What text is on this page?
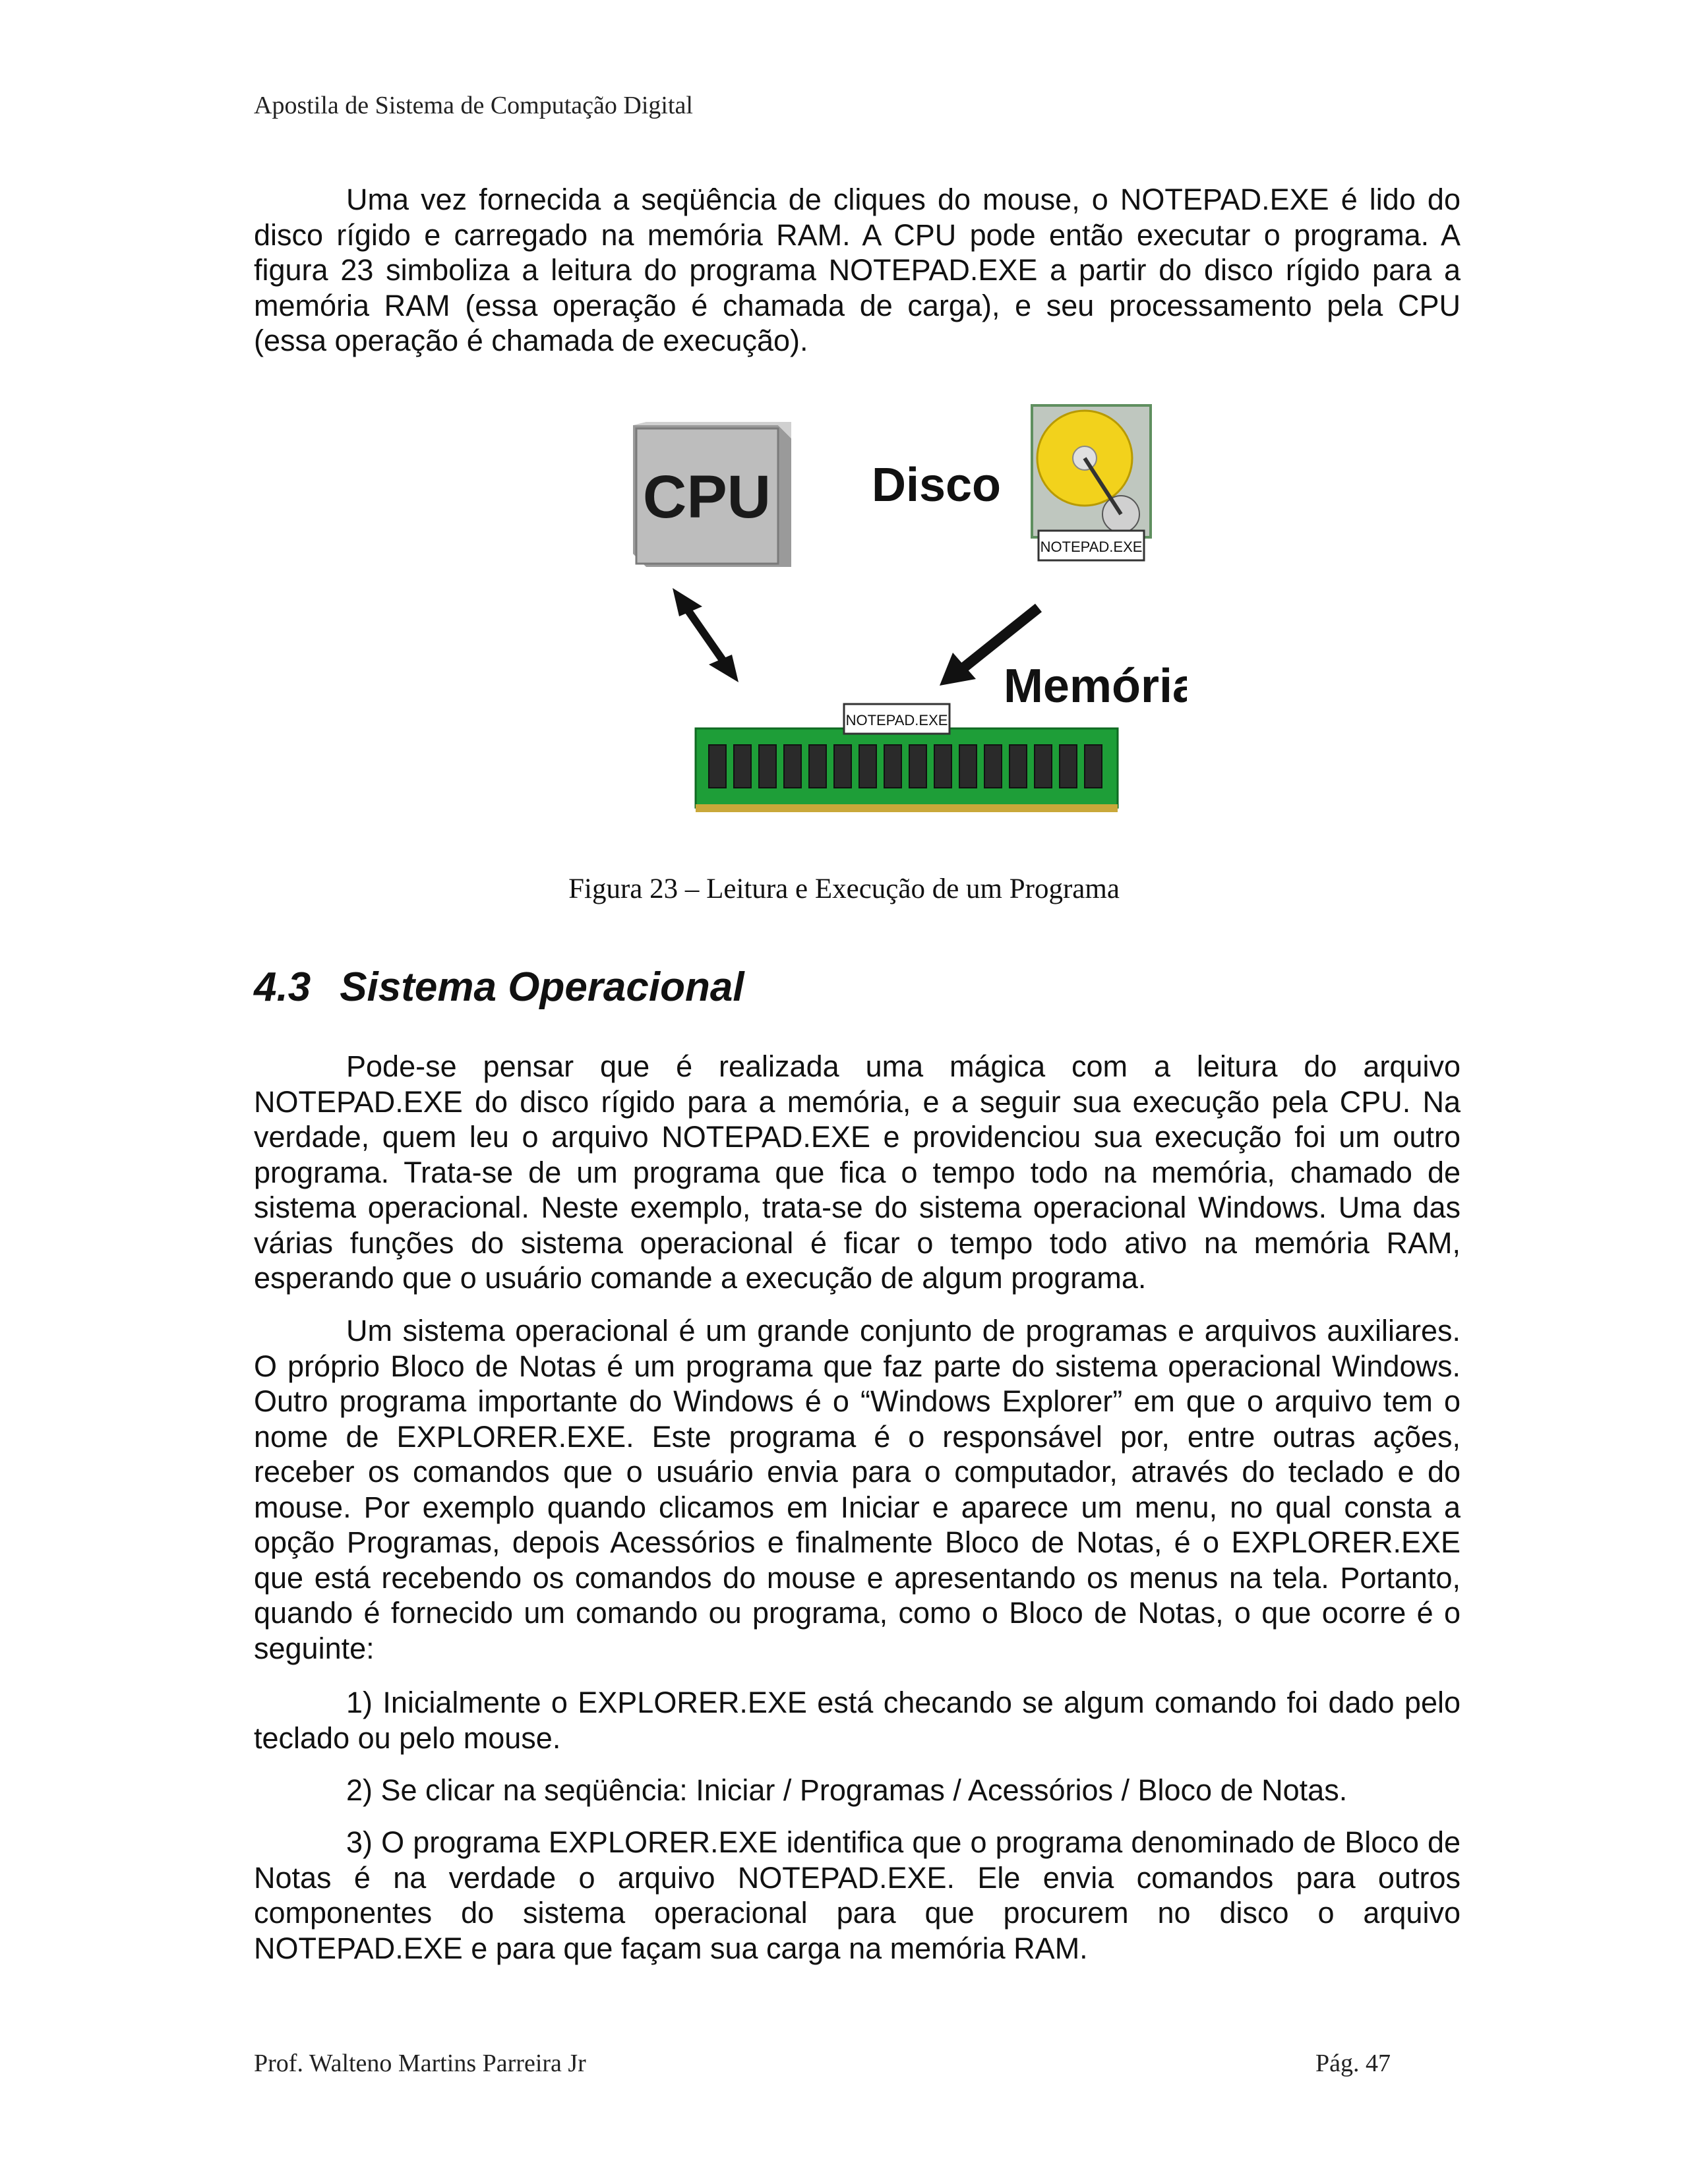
Apostila de Sistema de Computação Digital

Uma vez fornecida a seqüência de cliques do mouse, o NOTEPAD.EXE é lido do disco rígido e carregado na memória RAM. A CPU pode então executar o programa. A figura 23 simboliza a leitura do programa NOTEPAD.EXE a partir do disco rígido para a memória RAM (essa operação é chamada de carga), e seu processamento pela CPU (essa operação é chamada de execução).

CPU Disco
NOTEPAD.EXE
Memória
NOTEPAD.EXE
Figura 23 – Leitura e Execução de um Programa
4.3 Sistema Operacional

Pode-se pensar que é realizada uma mágica com a leitura do arquivo NOTEPAD.EXE do disco rígido para a memória, e a seguir sua execução pela CPU. Na verdade, quem leu o arquivo NOTEPAD.EXE e providenciou sua execução foi um outro programa. Trata-se de um programa que fica o tempo todo na memória, chamado de sistema operacional. Neste exemplo, trata-se do sistema operacional Windows. Uma das várias funções do sistema operacional é ficar o tempo todo ativo na memória RAM, esperando que o usuário comande a execução de algum programa.

Um sistema operacional é um grande conjunto de programas e arquivos auxiliares. O próprio Bloco de Notas é um programa que faz parte do sistema operacional Windows. Outro programa importante do Windows é o “Windows Explorer” em que o arquivo tem o nome de EXPLORER.EXE. Este programa é o responsável por, entre outras ações, receber os comandos que o usuário envia para o computador, através do teclado e do mouse. Por exemplo quando clicamos em Iniciar e aparece um menu, no qual consta a opção Programas, depois Acessórios e finalmente Bloco de Notas, é o EXPLORER.EXE que está recebendo os comandos do mouse e apresentando os menus na tela. Portanto, quando é fornecido um comando ou programa, como o Bloco de Notas, o que ocorre é o seguinte:

1) Inicialmente o EXPLORER.EXE está checando se algum comando foi dado pelo teclado ou pelo mouse.

2) Se clicar na seqüência: Iniciar / Programas / Acessórios / Bloco de Notas.

3) O programa EXPLORER.EXE identifica que o programa denominado de Bloco de Notas é na verdade o arquivo NOTEPAD.EXE. Ele envia comandos para outros componentes do sistema operacional para que procurem no disco o arquivo NOTEPAD.EXE e para que façam sua carga na memória RAM.

Prof. Walteno Martins Parreira Jr	Pág. 47
